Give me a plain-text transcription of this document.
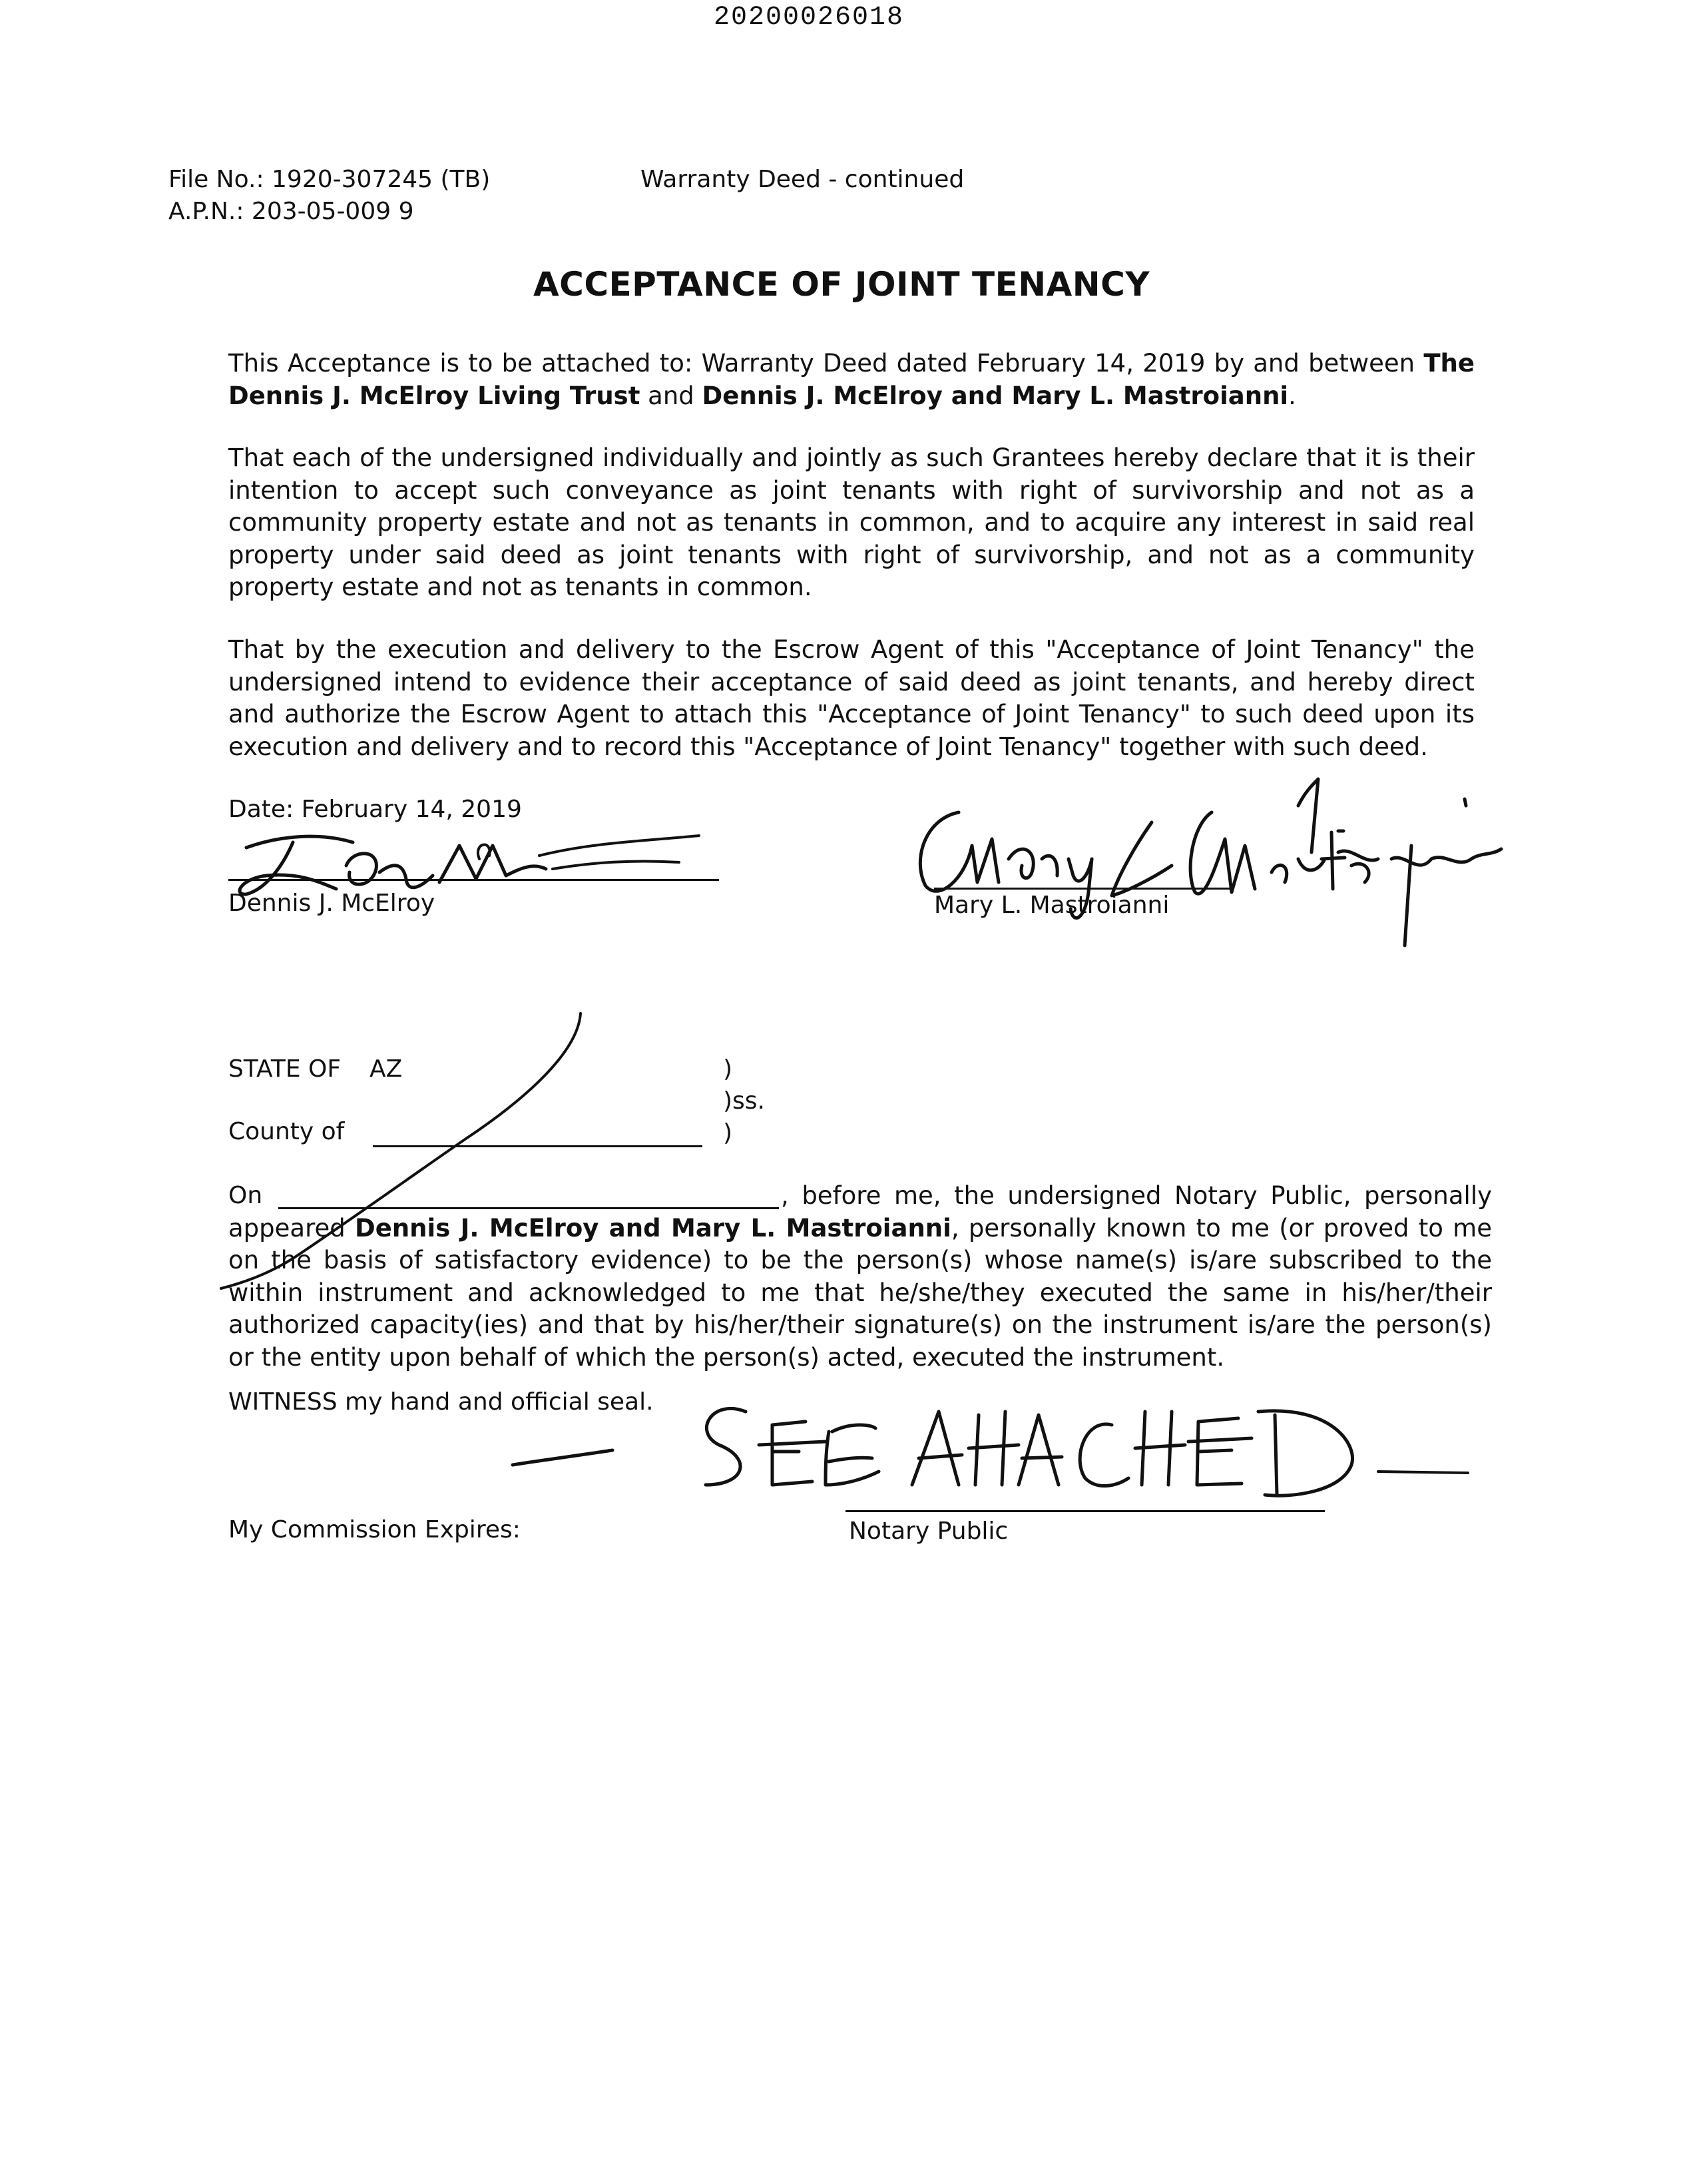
20200026018
File No.: 1920-307245 (TB)
A.P.N.: 203-05-009 9
Warranty Deed - continued
ACCEPTANCE OF JOINT TENANCY
This Acceptance is to be attached to: Warranty Deed dated February 14, 2019 by and between The Dennis J. McElroy Living Trust and Dennis J. McElroy and Mary L. Mastroianni.
That each of the undersigned individually and jointly as such Grantees hereby declare that it is their intention to accept such conveyance as joint tenants with right of survivorship and not as a community property estate and not as tenants in common, and to acquire any interest in said real property under said deed as joint tenants with right of survivorship, and not as a community property estate and not as tenants in common.
That by the execution and delivery to the Escrow Agent of this "Acceptance of Joint Tenancy" the undersigned intend to evidence their acceptance of said deed as joint tenants, and hereby direct and authorize the Escrow Agent to attach this "Acceptance of Joint Tenancy" to such deed upon its execution and delivery and to record this "Acceptance of Joint Tenancy" together with such deed.
Date: February 14, 2019
Dennis J. McElroy	Mary L. Mastroianni
STATE OF AZ	)
)ss.
County of	)
On	, before me, the undersigned Notary Public, personally appeared Dennis J. McElroy and Mary L. Mastroianni, personally known to me (or proved to me on the basis of satisfactory evidence) to be the person(s) whose name(s) is/are subscribed to the within instrument and acknowledged to me that he/she/they executed the same in his/her/their authorized capacity(ies) and that by his/her/their signature(s) on the instrument is/are the person(s) or the entity upon behalf of which the person(s) acted, executed the instrument.
WITNESS my hand and official seal.
My Commission Expires:	Notary Public
